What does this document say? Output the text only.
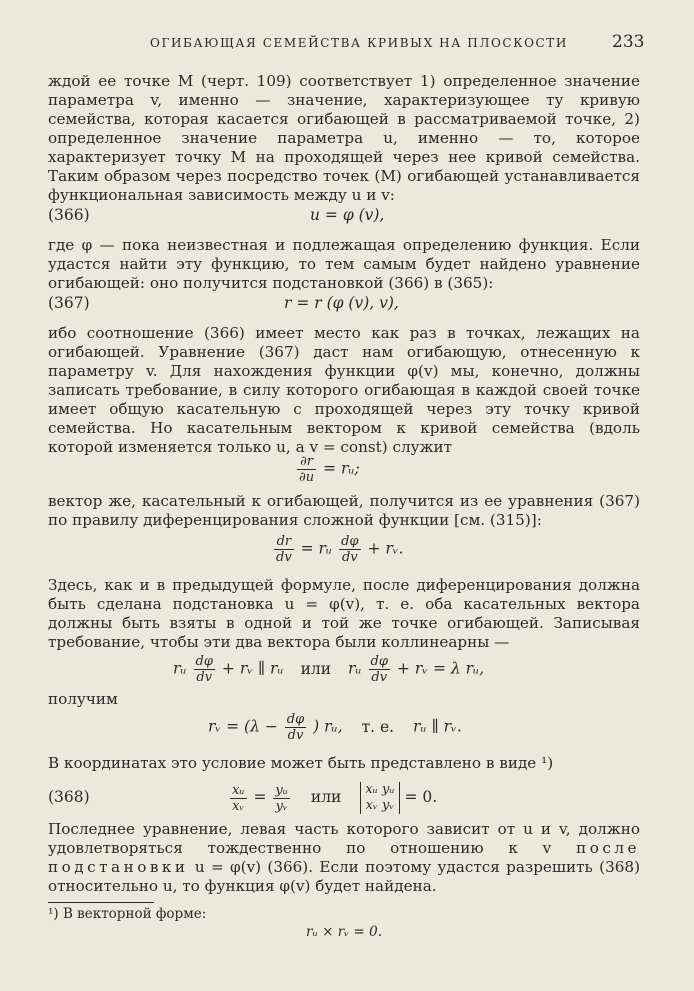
ОГИБАЮЩАЯ СЕМЕЙСТВА КРИВЫХ НА ПЛОСКОСТИ	233
ждой ее точке M (черт. 109) соответствует 1) определенное значение параметра v, именно — значение, характеризующее ту кривую семейства, которая касается огибающей в рассматриваемой точке, 2) определенное значение параметра u, именно — то, которое характеризует точку M на проходящей через нее кривой семейства. Таким образом через посредство точек (M) огибающей устанавливается функциональная зависимость между u и v:
(366)	u = φ (v),
где φ — пока неизвестная и подлежащая определению функция. Если удастся найти эту функцию, то тем самым будет найдено уравнение огибающей: оно получится подстановкой (366) в (365):
(367)	r = r (φ (v), v),
ибо соотношение (366) имеет место как раз в точках, лежащих на огибающей. Уравнение (367) даст нам огибающую, отнесенную к параметру v. Для нахождения функции φ(v) мы, конечно, должны записать требование, в силу которого огибающая в каждой своей точке имеет общую касательную с проходящей через эту точку кривой семейства. Но касательным вектором к кривой семейства (вдоль которой изменяется только u, а v = const) служит
$\frac{\partial r}{\partial u}$ = rᵤ;
вектор же, касательный к огибающей, получится из ее уравнения (367) по правилу диференцирования сложной функции [см. (315)]:
$\frac{dr}{dv}$ = rᵤ $\frac{d\varphi}{dv}$ + rᵥ.
Здесь, как и в предыдущей формуле, после диференцирования должна быть сделана подстановка u = φ(v), т. е. оба касательных вектора должны быть взяты в одной и той же точке огибающей. Записывая требование, чтобы эти два вектора были коллинеарны —
rᵤ $\frac{d\varphi}{dv}$ + rᵥ ∥ rᵤ или rᵤ $\frac{d\varphi}{dv}$ + rᵥ = λ rᵤ,
получим
rᵥ = ($\lambda - \frac{d\varphi}{dv}$ ) rᵤ, т. е. rᵤ ∥ rᵥ.
В координатах это условие может быть представлено в виде ¹)
(368)	$\frac{\text{xᵤ}}{\text{xᵥ}} = \frac{\text{yᵤ}}{\text{yᵥ}}$ или xᵤ yᵤ
xᵥ yᵥ = 0.
Последнее уравнение, левая часть которого зависит от u и v, должно удовлетворяться тождественно по отношению к v после подстановки u = φ(v) (366). Если поэтому удастся разрешить (368) относительно u, то функция φ(v) будет найдена.
¹) В векторной форме:
rᵤ × rᵥ = 0.
